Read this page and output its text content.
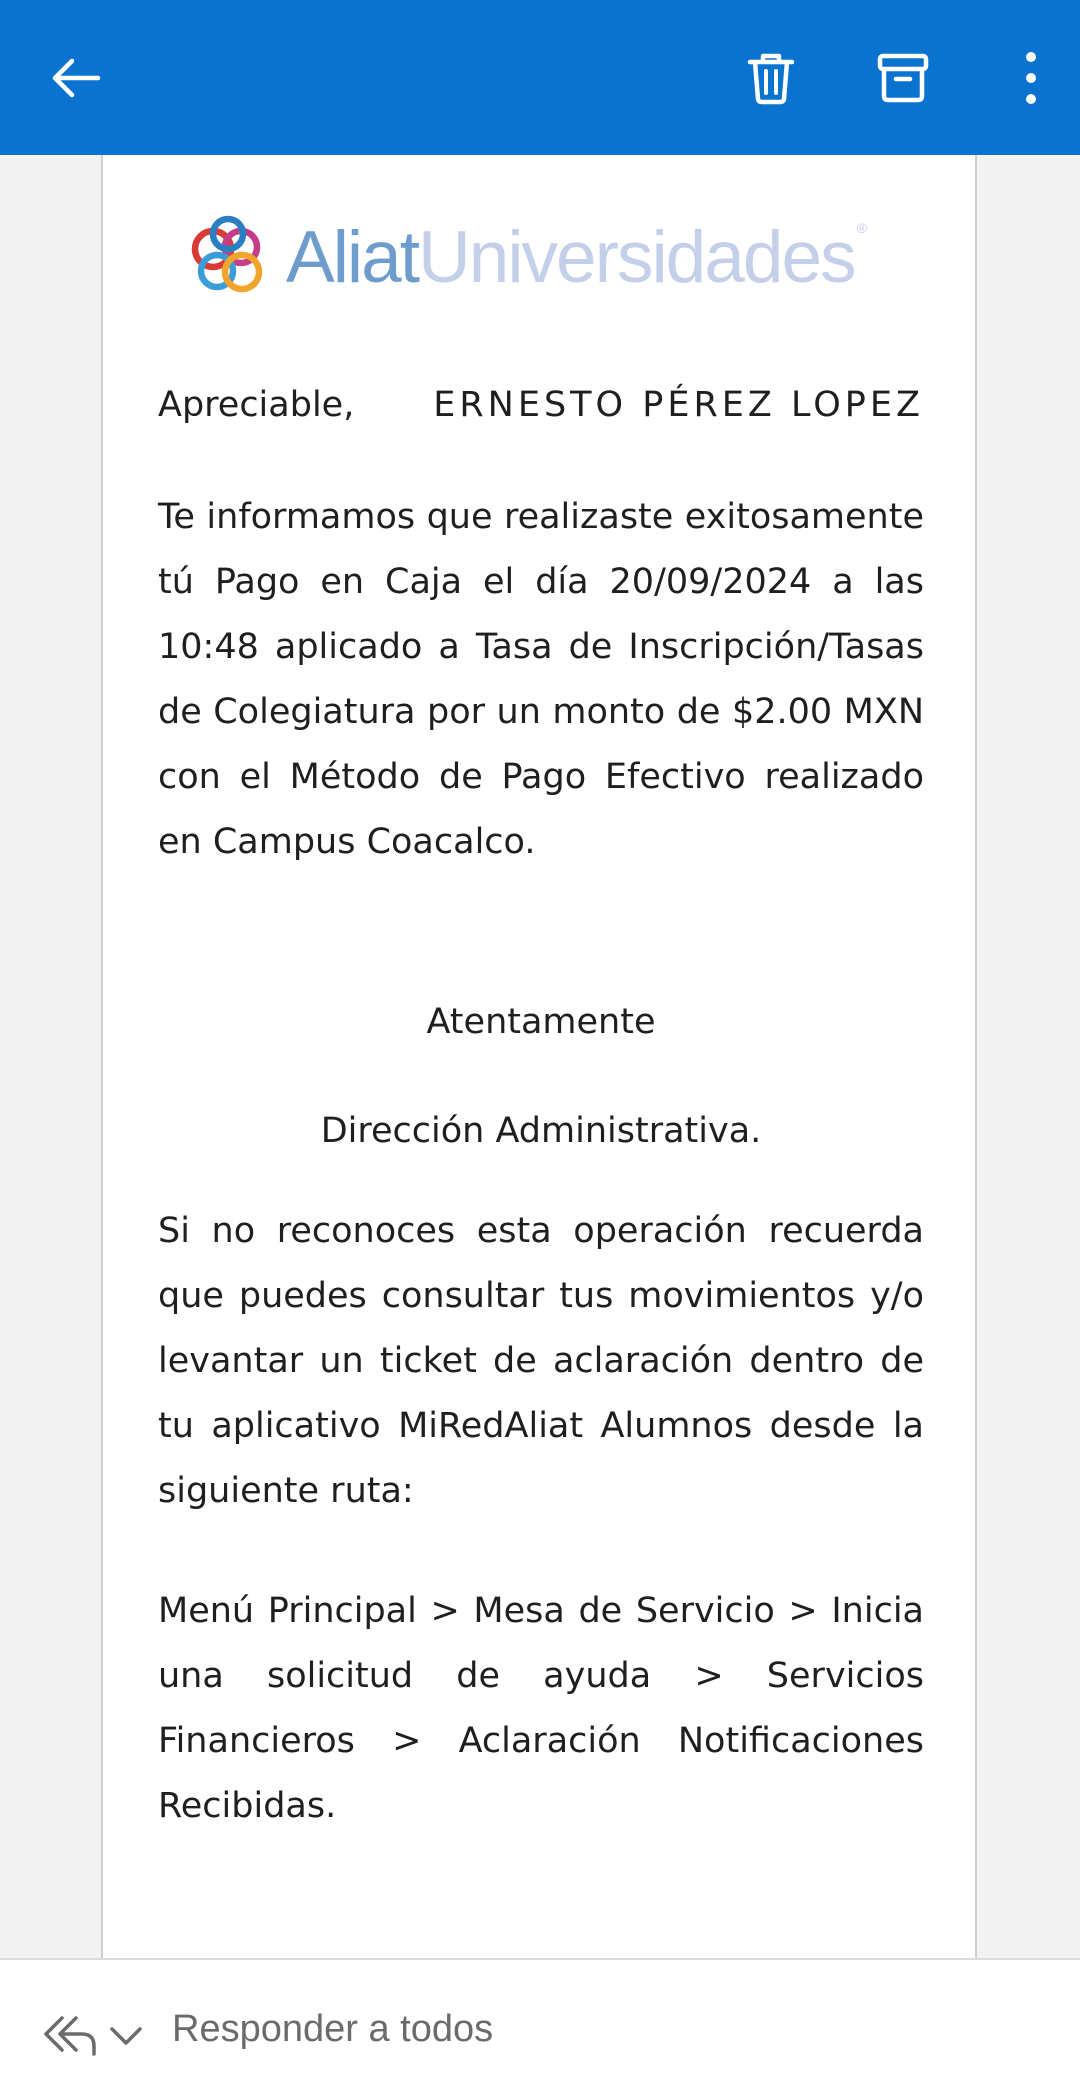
AliatUniversidades ®
Apreciable, ERNESTO PÉREZ LOPEZ
Te informamos que realizaste exitosamente tú Pago en Caja el día 20/09/2024 a las 10:48 aplicado a Tasa de Inscripción/Tasas de Colegiatura por un monto de $2.00 MXN con el Método de Pago Efectivo realizado en Campus Coacalco.
Atentamente
Dirección Administrativa.
Si no reconoces esta operación recuerda que puedes consultar tus movimientos y/o levantar un ticket de aclaración dentro de tu aplicativo MiRedAliat Alumnos desde la siguiente ruta:
Menú Principal > Mesa de Servicio > Inicia una solicitud de ayuda > Servicios Financieros > Aclaración Notificaciones Recibidas.
Responder a todos
